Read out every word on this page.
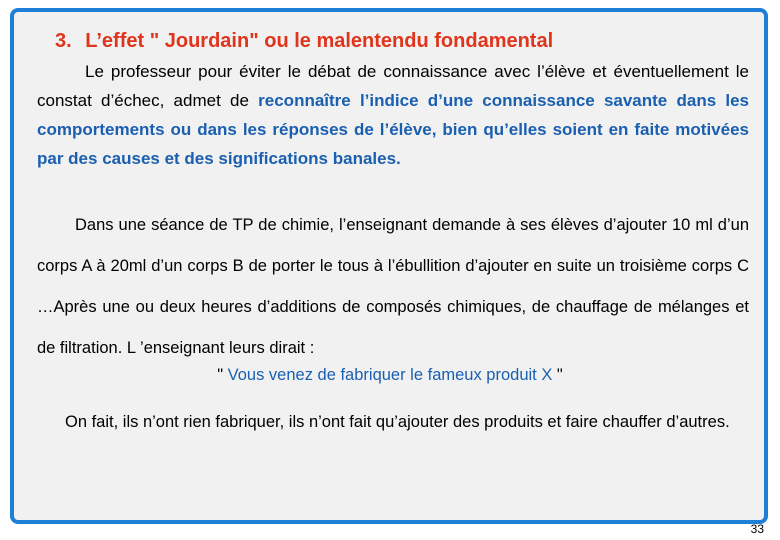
3. L’effet " Jourdain" ou le malentendu fondamental

Le professeur pour éviter le débat de connaissance avec l’élève et éventuellement le constat d’échec, admet de reconnaître l’indice d’une connaissance savante dans les comportements ou dans les réponses de l’élève, bien qu’elles soient en faite motivées par des causes et des significations banales.

Dans une séance de TP de chimie, l’enseignant demande à ses élèves d’ajouter 10 ml d’un corps A à 20ml d’un corps B de porter le tous à l’ébullition d’ajouter en suite un troisième corps C …Après une ou deux heures d’additions de composés chimiques, de chauffage de mélanges et de filtration. L ’enseignant leurs dirait :

" Vous venez de fabriquer le fameux produit X "

On fait, ils n’ont rien fabriquer, ils n’ont fait qu’ajouter des produits et faire chauffer d’autres.

33
